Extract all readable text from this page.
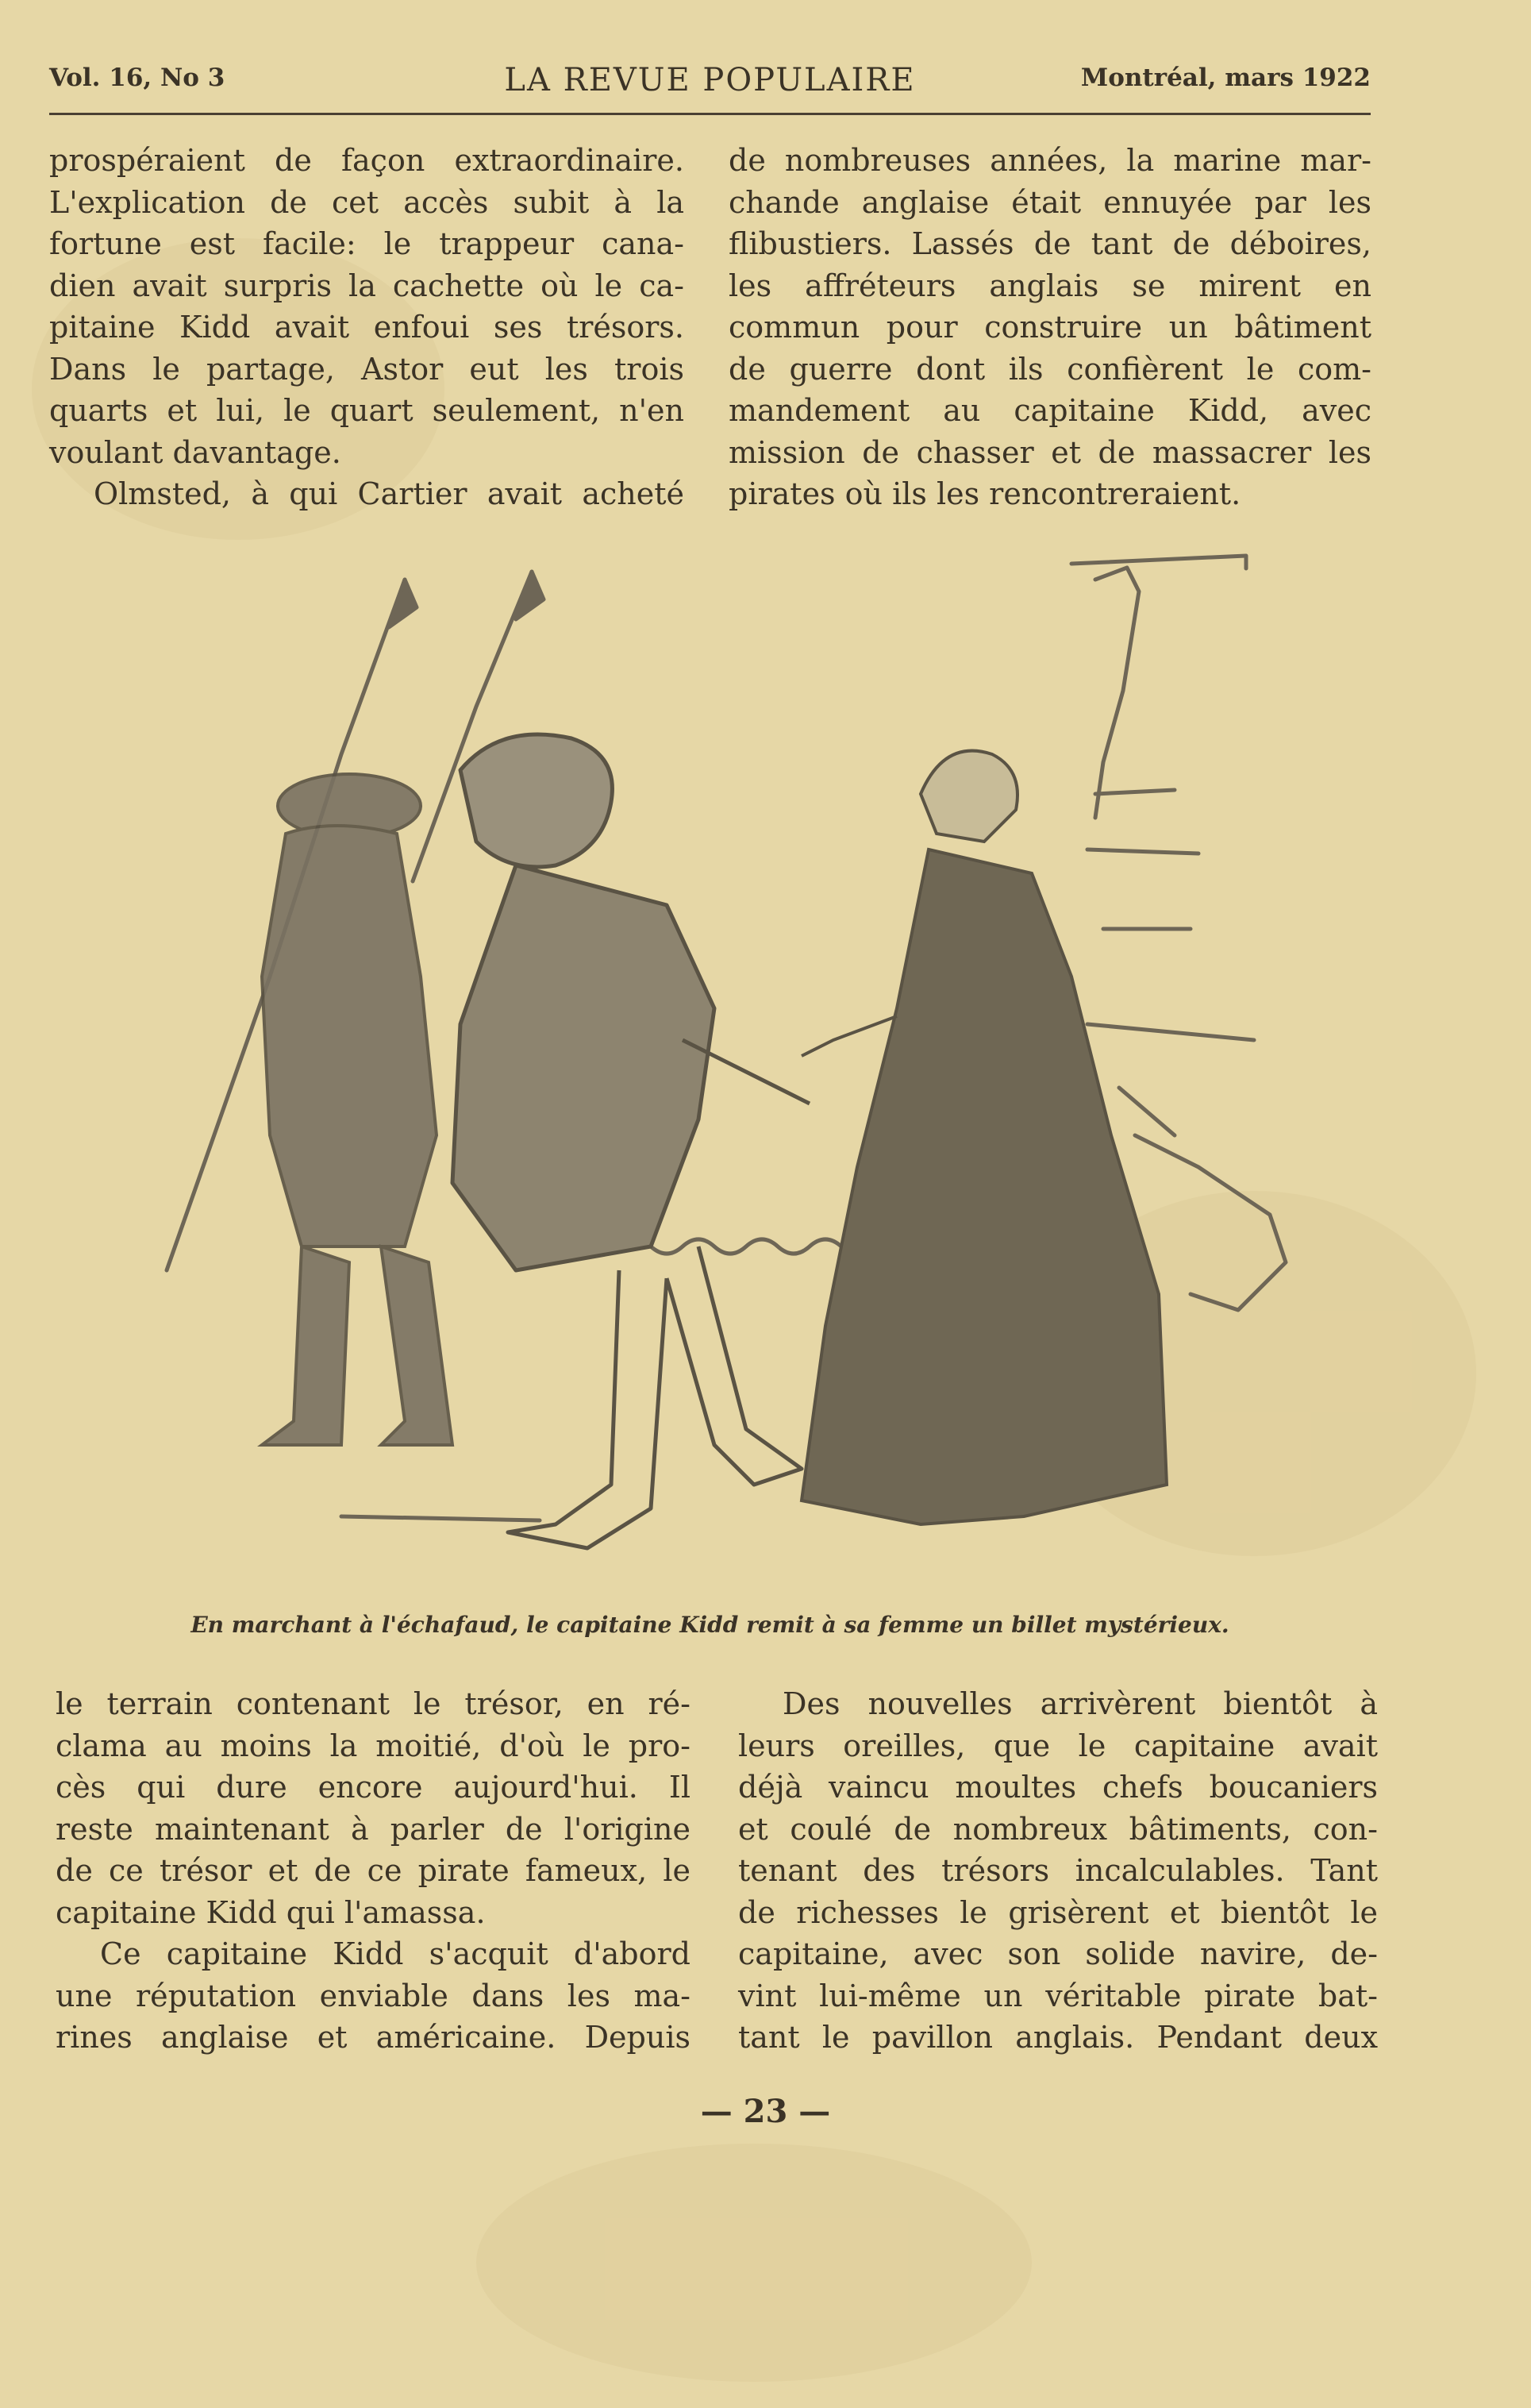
Vol. 16, No 3	LA REVUE POPULAIRE	Montréal, mars 1922
prospéraient de façon extraordinaire.
L'explication de cet accès subit à la
fortune est facile: le trappeur cana-
dien avait surpris la cachette où le ca-
pitaine Kidd avait enfoui ses trésors.
Dans le partage, Astor eut les trois
quarts et lui, le quart seulement, n'en
voulant davantage.
Olmsted, à qui Cartier avait acheté
de nombreuses années, la marine mar-
chande anglaise était ennuyée par les
flibustiers. Lassés de tant de déboires,
les affréteurs anglais se mirent en
commun pour construire un bâtiment
de guerre dont ils confièrent le com-
mandement au capitaine Kidd, avec
mission de chasser et de massacrer les
pirates où ils les rencontreraient.
En marchant à l'échafaud, le capitaine Kidd remit à sa femme un billet mystérieux.
le terrain contenant le trésor, en ré-
clama au moins la moitié, d'où le pro-
cès qui dure encore aujourd'hui. Il
reste maintenant à parler de l'origine
de ce trésor et de ce pirate fameux, le
capitaine Kidd qui l'amassa.
Ce capitaine Kidd s'acquit d'abord
une réputation enviable dans les ma-
rines anglaise et américaine. Depuis
Des nouvelles arrivèrent bientôt à
leurs oreilles, que le capitaine avait
déjà vaincu moultes chefs boucaniers
et coulé de nombreux bâtiments, con-
tenant des trésors incalculables. Tant
de richesses le grisèrent et bientôt le
capitaine, avec son solide navire, de-
vint lui-même un véritable pirate bat-
tant le pavillon anglais. Pendant deux
— 23 —
